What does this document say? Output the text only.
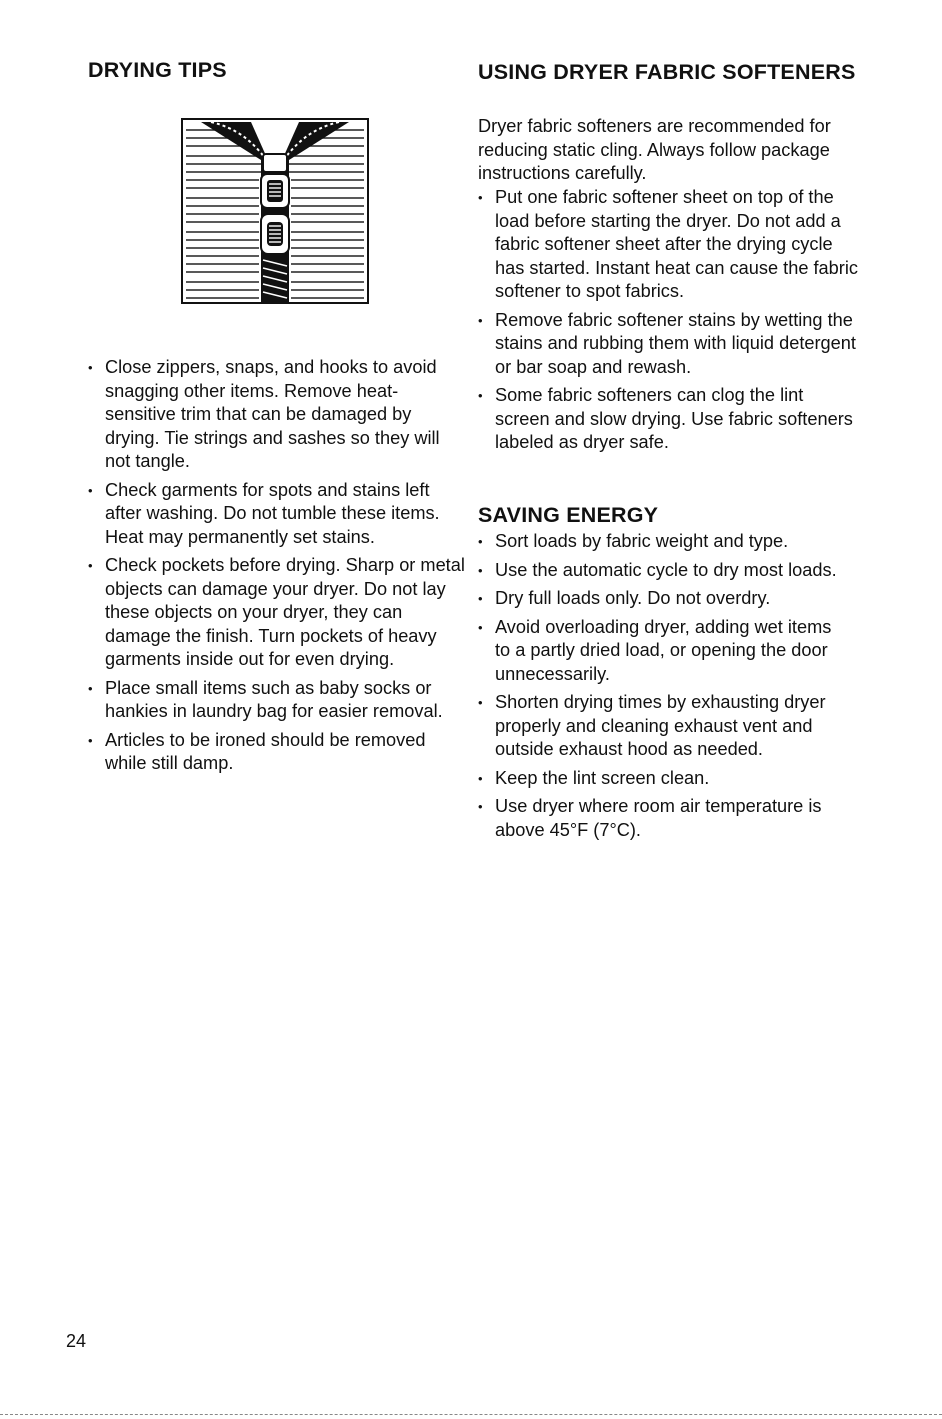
DRYING TIPS
• Close zippers, snaps, and hooks to avoid snagging other items. Remove heat-sensitive trim that can be damaged by drying. Tie strings and sashes so they will not tangle.
• Check garments for spots and stains left after washing. Do not tumble these items. Heat may permanently set stains.
• Check pockets before drying. Sharp or metal objects can damage your dryer. Do not lay these objects on your dryer, they can damage the finish. Turn pockets of heavy garments inside out for even drying.
• Place small items such as baby socks or hankies in laundry bag for easier removal.
• Articles to be ironed should be removed while still damp.
USING DRYER FABRIC SOFTENERS

Dryer fabric softeners are recommended for reducing static cling. Always follow package instructions carefully.

• Put one fabric softener sheet on top of the load before starting the dryer. Do not add a fabric softener sheet after the drying cycle has started. Instant heat can cause the fabric softener to spot fabrics.
• Remove fabric softener stains by wetting the stains and rubbing them with liquid detergent or bar soap and rewash.
• Some fabric softeners can clog the lint screen and slow drying. Use fabric softeners labeled as dryer safe.
SAVING ENERGY
• Sort loads by fabric weight and type.
• Use the automatic cycle to dry most loads.
• Dry full loads only. Do not overdry.
• Avoid overloading dryer, adding wet items to a partly dried load, or opening the door unnecessarily.
• Shorten drying times by exhausting dryer properly and cleaning exhaust vent and outside exhaust hood as needed.
• Keep the lint screen clean.
• Use dryer where room air temperature is above 45°F (7°C).
24
